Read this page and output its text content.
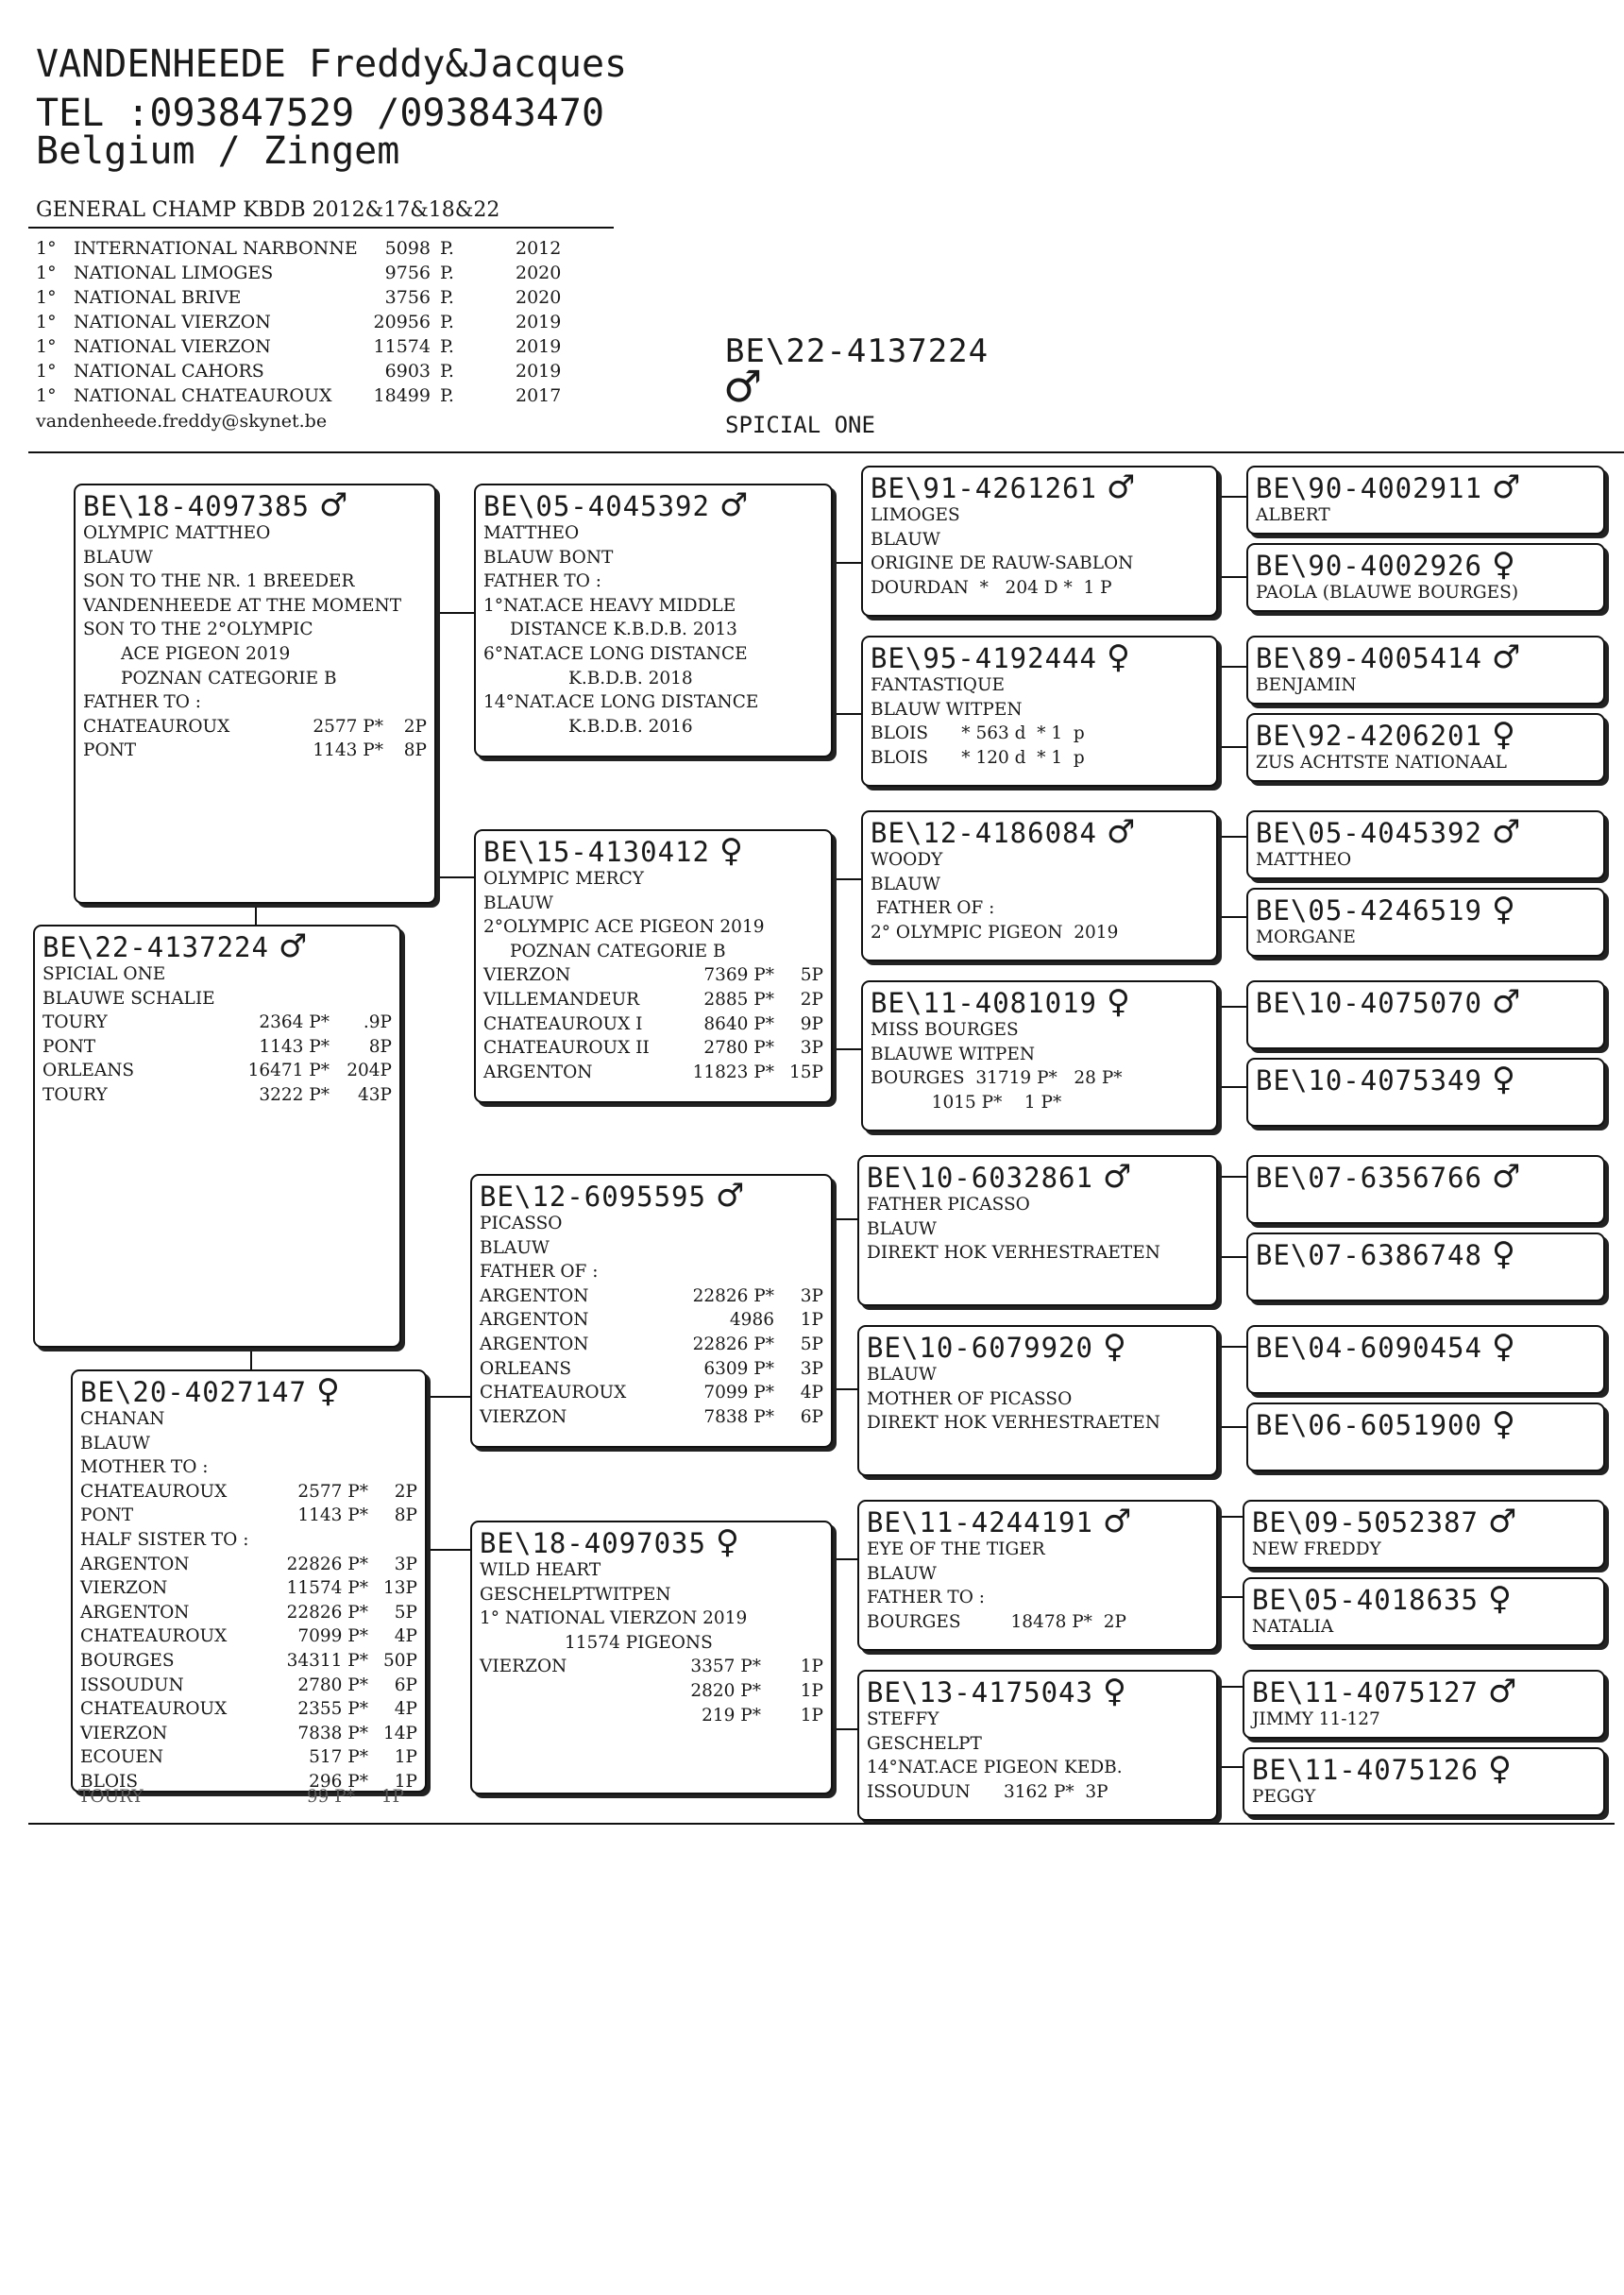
VANDENHEEDE Freddy&Jacques
TEL :093847529 /093843470
Belgium / Zingem
GENERAL CHAMP KBDB 2012&17&18&22
1°	INTERNATIONAL NARBONNE	5098	P.	2012
1°	NATIONAL LIMOGES	9756	P.	2020
1°	NATIONAL BRIVE	3756	P.	2020
1°	NATIONAL VIERZON	20956	P.	2019
1°	NATIONAL VIERZON	11574	P.	2019
1°	NATIONAL CAHORS	6903	P.	2019
1°	NATIONAL CHATEAUROUX	18499	P.	2017
vandenheede.freddy@skynet.be
BE\22-4137224
♂
SPICIAL ONE
BE\18-4097385 ♂
OLYMPIC MATTHEO
BLAUW
SON TO THE NR. 1 BREEDER
VANDENHEEDE AT THE MOMENT
SON TO THE 2°OLYMPIC
ACE PIGEON 2019
POZNAN CATEGORIE B
FATHER TO :
CHATEAUROUX	2577 P*	2P
PONT	1143 P*	8P
BE\22-4137224 ♂
SPICIAL ONE
BLAUWE SCHALIE
TOURY	2364 P*	.9P
PONT	1143 P*	8P
ORLEANS	16471 P* 204P
TOURY	3222 P*	43P
BE\20-4027147 ♀
CHANAN
BLAUW
MOTHER TO :
CHATEAUROUX	2577 P*	2P
PONT	1143 P*	8P
HALF SISTER TO :
ARGENTON	22826 P*	3P
VIERZON	11574 P* 13P
ARGENTON	22826 P*	5P
CHATEAUROUX	7099 P*	4P
BOURGES	34311 P* 50P
ISSOUDUN	2780 P*	6P
CHATEAUROUX	2355 P*	4P
VIERZON	7838 P* 14P
ECOUEN	517 P*	1P
BLOIS	296 P*	1P
TOURY	99 P*	1P
BE\05-4045392 ♂
MATTHEO
BLAUW BONT
FATHER TO :
1°NAT.ACE HEAVY MIDDLE
DISTANCE K.B.D.B. 2013
6°NAT.ACE LONG DISTANCE
K.B.D.B. 2018
14°NAT.ACE LONG DISTANCE
K.B.D.B. 2016
BE\15-4130412 ♀
OLYMPIC MERCY
BLAUW
2°OLYMPIC ACE PIGEON 2019
POZNAN CATEGORIE B
VIERZON	7369 P*	5P
VILLEMANDEUR	2885 P*	2P
CHATEAUROUX I	8640 P*	9P
CHATEAUROUX II	2780 P*	3P
ARGENTON	11823 P* 15P
BE\12-6095595 ♂
PICASSO
BLAUW
FATHER OF :
ARGENTON	22826 P*	3P
ARGENTON	4986	1P
ARGENTON	22826 P*	5P
ORLEANS	6309 P*	3P
CHATEAUROUX	7099 P*	4P
VIERZON	7838 P*	6P
BE\18-4097035 ♀
WILD HEART
GESCHELPTWITPEN
1° NATIONAL VIERZON 2019
11574 PIGEONS
VIERZON	3357 P*	1P
2820 P*	1P
219 P*	1P
BE\91-4261261 ♂
LIMOGES
BLAUW
ORIGINE DE RAUW-SABLON
DOURDAN  *   204 D *  1 P
BE\95-4192444 ♀
FANTASTIQUE
BLAUW WITPEN
BLOIS      * 563 d  * 1  p
BLOIS      * 120 d  * 1  p
BE\12-4186084 ♂
WOODY
BLAUW
FATHER OF :
2° OLYMPIC PIGEON  2019
BE\11-4081019 ♀
MISS BOURGES
BLAUWE WITPEN
BOURGES  31719 P*   28 P*
1015 P*    1 P*
BE\10-6032861 ♂
FATHER PICASSO
BLAUW
DIREKT HOK VERHESTRAETEN
BE\10-6079920 ♀
BLAUW
MOTHER OF PICASSO
DIREKT HOK VERHESTRAETEN
BE\11-4244191 ♂
EYE OF THE TIGER
BLAUW
FATHER TO :
BOURGES         18478 P*  2P
BE\13-4175043 ♀
STEFFY
GESCHELPT
14°NAT.ACE PIGEON KEDB.
ISSOUDUN      3162 P*  3P
BE\90-4002911 ♂
ALBERT
BE\90-4002926 ♀
PAOLA (BLAUWE BOURGES)
BE\89-4005414 ♂
BENJAMIN
BE\92-4206201 ♀
ZUS ACHTSTE NATIONAAL
BE\05-4045392 ♂
MATTHEO
BE\05-4246519 ♀
MORGANE
BE\10-4075070 ♂
BE\10-4075349 ♀
BE\07-6356766 ♂
BE\07-6386748 ♀
BE\04-6090454 ♀
BE\06-6051900 ♀
BE\09-5052387 ♂
NEW FREDDY
BE\05-4018635 ♀
NATALIA
BE\11-4075127 ♂
JIMMY 11-127
BE\11-4075126 ♀
PEGGY
